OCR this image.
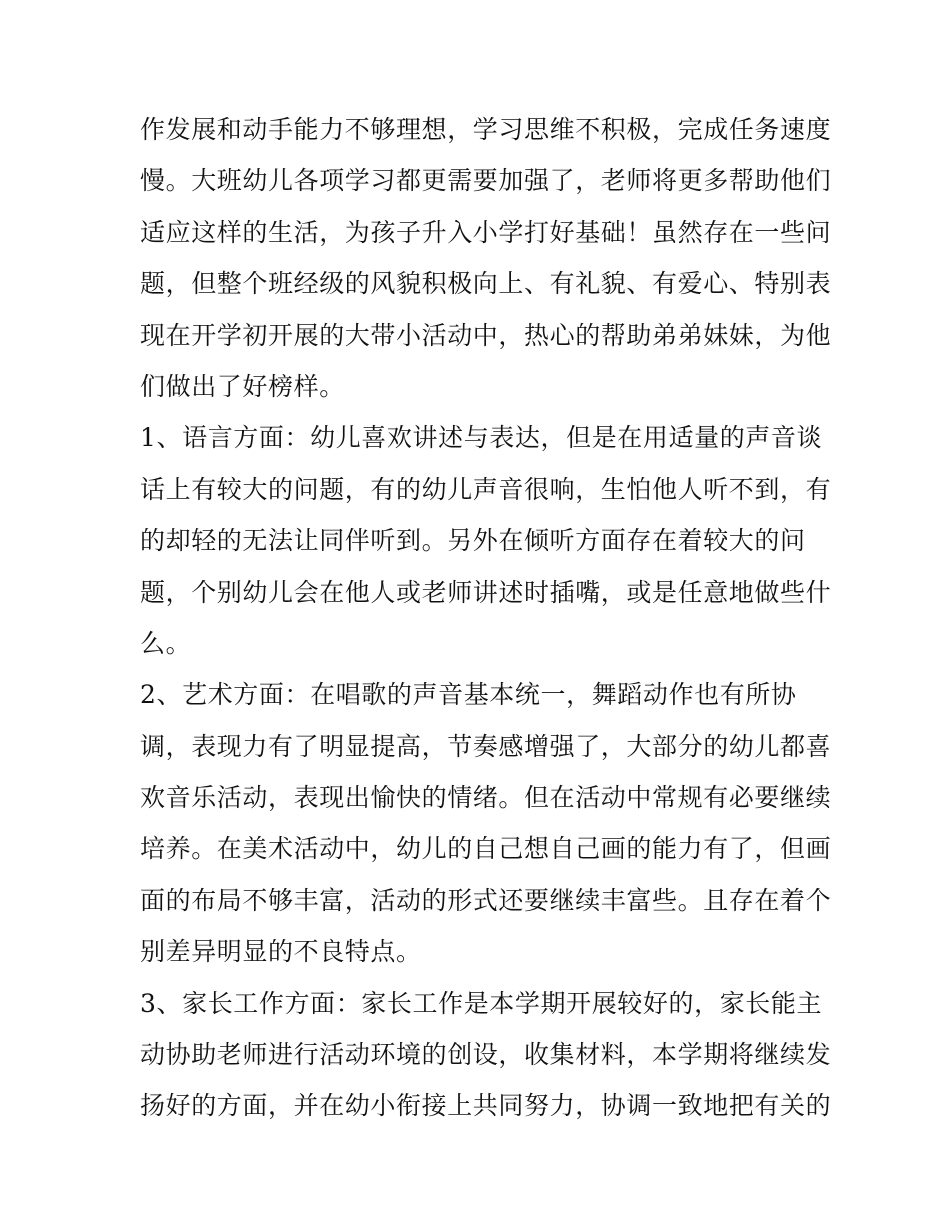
作发展和动手能力不够理想，学习思维不积极，完成任务速度
慢。大班幼儿各项学习都更需要加强了，老师将更多帮助他们
适应这样的生活，为孩子升入小学打好基础！虽然存在一些问
题，但整个班经级的风貌积极向上、有礼貌、有爱心、特别表
现在开学初开展的大带小活动中，热心的帮助弟弟妹妹，为他
们做出了好榜样。
1、语言方面：幼儿喜欢讲述与表达，但是在用适量的声音谈
话上有较大的问题，有的幼儿声音很响，生怕他人听不到，有
的却轻的无法让同伴听到。另外在倾听方面存在着较大的问
题，个别幼儿会在他人或老师讲述时插嘴，或是任意地做些什
么。
2、艺术方面：在唱歌的声音基本统一，舞蹈动作也有所协
调，表现力有了明显提高，节奏感增强了，大部分的幼儿都喜
欢音乐活动，表现出愉快的情绪。但在活动中常规有必要继续
培养。在美术活动中，幼儿的自己想自己画的能力有了，但画
面的布局不够丰富，活动的形式还要继续丰富些。且存在着个
别差异明显的不良特点。
3、家长工作方面：家长工作是本学期开展较好的，家长能主
动协助老师进行活动环境的创设，收集材料，本学期将继续发
扬好的方面，并在幼小衔接上共同努力，协调一致地把有关的
